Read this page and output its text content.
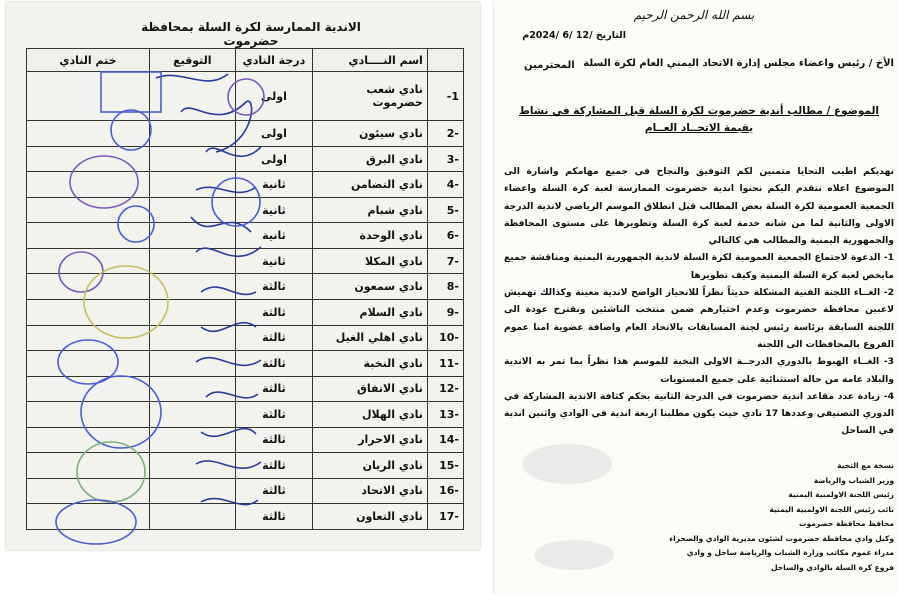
الاندية الممارسة لكرة السلة بمحافظة حضرموت
	اسم النــــادي	درجة النادي	التوقيع	ختم النادي
1-	نادي شعب حضرموت	اولى		
-2	نادي سيئون	اولى		
-3	نادي البرق	اولى		
-4	نادي التضامن	ثانية		
-5	نادي شبام	ثانية		
-6	نادي الوحدة	ثانية		
-7	نادي المكلا	ثانية		
-8	نادي سمعون	ثالثة		
-9	نادي السلام	ثالثة		
-10	نادي اهلي الغيل	ثالثة		
-11	نادي النخبة	ثالثة		
-12	نادي الاتفاق	ثالثة		
-13	نادي الهلال	ثالثة		
-14	نادي الاحرار	ثالثة		
-15	نادي الريان	ثالثة		
-16	نادي الاتحاد	ثالثة		
-17	نادي التعاون	ثالثة		
بسم الله الرحمن الرحيم
التاريخ /12 /6 /2024م
الأخ / رئيس واعضاء مجلس إدارة الاتحاد اليمني العام لكرة السلة
المحترمين
الموضوع / مطالب أندية حضرموت لكرة السلة قبل المشاركة في نشاط
يقيمة الاتحــاد العــام

نهديكم اطيب التحايا متمنين لكم التوفيق والنجاح في جميع مهامكم واشارة الى الموضوع اعلاه نتقدم اليكم نحنوا اندية حضرموت الممارسة لعبة كرة السلة واعضاء الجمعية العمومية لكرة السلة بعض المطالب قبل انطلاق الموسم الرياضي لاندية الدرجة الاولى والثانية لما من شانه خدمة لعبة كرة السلة وتطويرها على مستوى المحافظة والجمهورية اليمنية والمطالب هي كالتالي

1- الدعوة لاجتماع الجمعية العمومية لكرة السلة لاندية الجمهورية اليمنية ومناقشة جميع مايخص لعبة كرة السلة اليمنية وكيف تطويرها

2- الغــاء اللجنة الفنية المشكلة حديثاً نظراً للانحياز الواضح لاندية معينة وكذالك تهميش لاعبين محافظة حضرموت وعدم اختيارهم ضمن منتخب الناشئين ونقترح عودة الى اللجنة السابقة برئاسة رئيس لجنة المسابقات بالاتحاد العام واضافة عضوية امنا عموم الفروع بالمحافظات الى اللجنة

3- الغــاء الهبوط بالدوري الدرجــة الاولى النخبة للموسم هذا نظراً بما تمر به الاندية والبلاد عامة من حالة استثنائية على جميع المستويات

4- زيادة عدد مقاعد اندية حضرموت في الدرجة الثانية بحكم كثافة الاندية المشاركة في الدوري التصنيفي وعددها 17 نادي حيث يكون مطلبنا اربعة اندية في الوادي واثنين اندية في الساحل

نسخة مع التحية

وزير الشباب والرياضة

رئيس اللجنة الاولمبية اليمنية

نائب رئيس اللجنة الاولمبية اليمنية

محافظ محافظة حضرموت

وكيل وادي محافظة حضرموت لشئون مديرية الوادي والصحراء

مدراء عموم مكاتب وزارة الشباب والرياضة ساحل و وادي

فروع كرة السلة بالوادي والساحل
